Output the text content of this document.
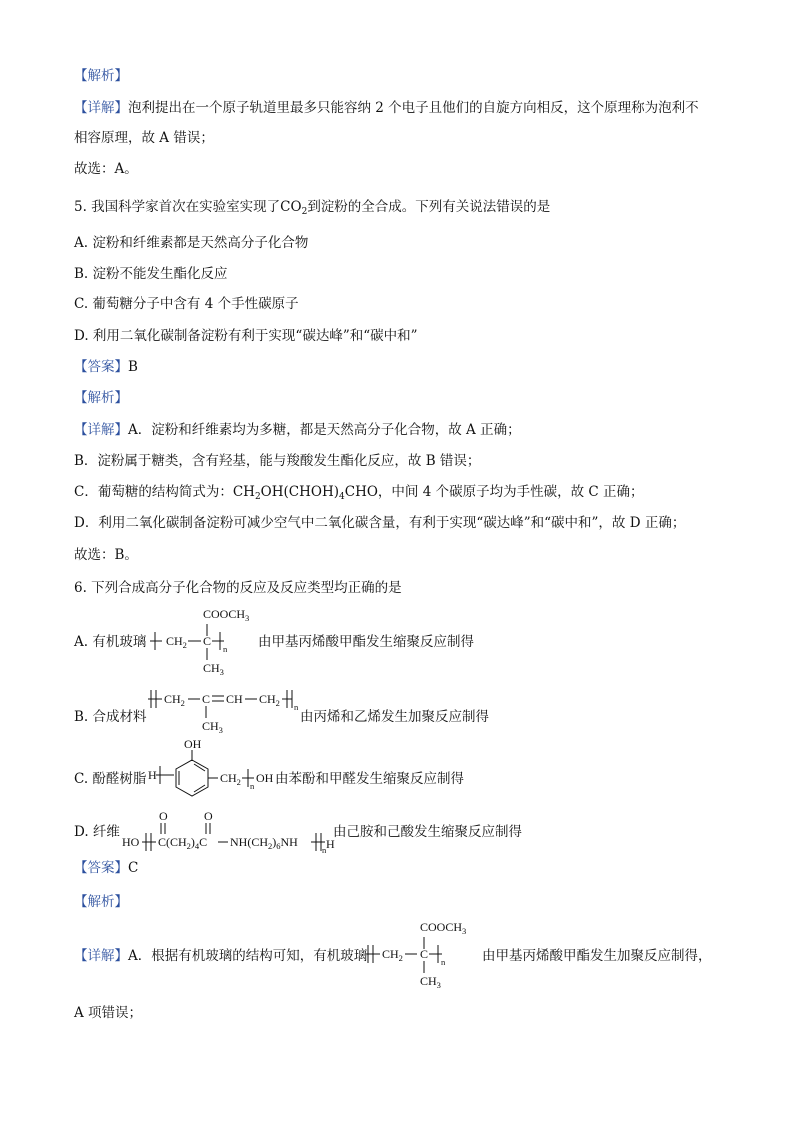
【解析】
【详解】泡利提出在一个原子轨道里最多只能容纳 2 个电子且他们的自旋方向相反，这个原理称为泡利不
相容原理，故 A 错误；
故选：A。
5. 我国科学家首次在实验室实现了$CO_2$到淀粉的全合成。下列有关说法错误的是
A. 淀粉和纤维素都是天然高分子化合物
B. 淀粉不能发生酯化反应
C. 葡萄糖分子中含有 4 个手性碳原子
D. 利用二氧化碳制备淀粉有利于实现“碳达峰”和“碳中和”
【答案】B
【解析】
【详解】A．淀粉和纤维素均为多糖，都是天然高分子化合物，故 A 正确；
B．淀粉属于糖类，含有羟基，能与羧酸发生酯化反应，故 B 错误；
C．葡萄糖的结构简式为：$CH_2OH(CHOH)_4CHO$，中间 4 个碳原子均为手性碳，故 C 正确；
D．利用二氧化碳制备淀粉可减少空气中二氧化碳含量，有利于实现“碳达峰”和“碳中和”，故 D 正确；
故选：B。
6. 下列合成高分子化合物的反应及反应类型均正确的是
A. 有机玻璃
$COOCH_3$
$CH_2$ C
n
$CH_3$
由甲基丙烯酸甲酯发生缩聚反应制得
B. 合成材料
$CH_2$ C CH $CH_2$ n
$CH_3$
由丙烯和乙烯发生加聚反应制得
C. 酚醛树脂 H
OH
$CH_2$ n
OH 由苯酚和甲醛发生缩聚反应制得
D. 纤维
HO $C(CH_2)_4C$
O	O
$NH(CH_2)_6NH$
n H
由己胺和己酸发生缩聚反应制得
【答案】C
【解析】
【详解】A．根据有机玻璃的结构可知，有机玻璃 $CH_2$ C
n
$COOCH_3$
$CH_3$
由甲基丙烯酸甲酯发生加聚反应制得，
A 项错误；
